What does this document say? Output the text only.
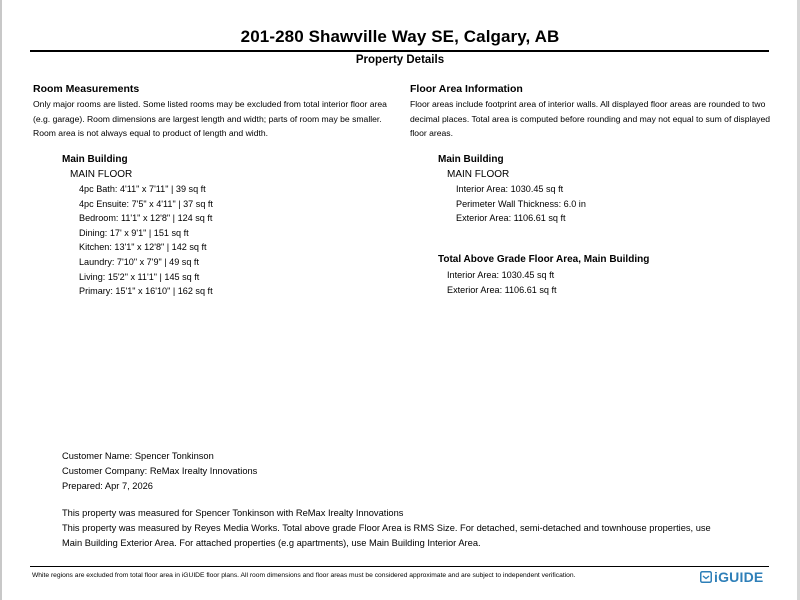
201-280 Shawville Way SE, Calgary, AB
Property Details
Room Measurements
Only major rooms are listed. Some listed rooms may be excluded from total interior floor area
(e.g. garage). Room dimensions are largest length and width; parts of room may be smaller.
Room area is not always equal to product of length and width.
Main Building
MAIN FLOOR
4pc Bath: 4'11" x 7'11" | 39 sq ft
4pc Ensuite: 7'5" x 4'11" | 37 sq ft
Bedroom: 11'1" x 12'8" | 124 sq ft
Dining: 17' x 9'1" | 151 sq ft
Kitchen: 13'1" x 12'8" | 142 sq ft
Laundry: 7'10" x 7'9" | 49 sq ft
Living: 15'2" x 11'1" | 145 sq ft
Primary: 15'1" x 16'10" | 162 sq ft
Floor Area Information
Floor areas include footprint area of interior walls. All displayed floor areas are rounded to two
decimal places. Total area is computed before rounding and may not equal to sum of displayed
floor areas.
Main Building
MAIN FLOOR
Interior Area: 1030.45 sq ft
Perimeter Wall Thickness: 6.0 in
Exterior Area: 1106.61 sq ft
Total Above Grade Floor Area, Main Building
Interior Area: 1030.45 sq ft
Exterior Area: 1106.61 sq ft
Customer Name: Spencer Tonkinson
Customer Company: ReMax Irealty Innovations
Prepared: Apr 7, 2026
This property was measured for Spencer Tonkinson with ReMax Irealty Innovations
This property was measured by Reyes Media Works. Total above grade Floor Area is RMS Size. For detached, semi-detached and townhouse properties, use
Main Building Exterior Area. For attached properties (e.g apartments), use Main Building Interior Area.
White regions are excluded from total floor area in iGUIDE floor plans. All room dimensions and floor areas must be considered approximate and are subject to independent verification.	iGUIDE
